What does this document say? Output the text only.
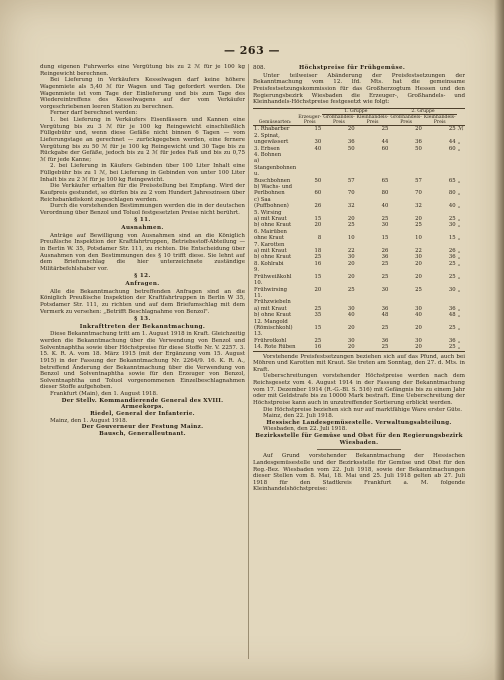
— 263 —

dung eigenen Fuhrwerks eine Vergütung bis zu 2 ℳ für je 100 kg Reingewicht berechnen.

Bei Lieferung in Verkäufers Kesselwagen darf keine höhere Wagenmiete als 5,40 ℳ für Wagen und Tag gefordert werden. Die Wagenmiete ist vom Tage der Einlieferung und bis zum Tage des Wiedereintreffens des Kesselwagens auf der vom Verkäufer vorgeschriebenen leeren Station zu berechnen.

Ferner darf berechnet werden:

1. bei Lieferung in Verkäufers Eisenfässern und Kannen eine Vergütung bis zu 3 ℳ für je 100 kg Reingewicht einschließlich Füllgebühr und, wenn diese Gefäße nicht binnen 6 Tagen — vom Lieferungstage an gerechnet — zurückgegeben werden, eine fernere Vergütung bis zu 50 ℳ für je 100 kg Reingewicht und 30 Tage bis zu Rückgabe der Gefäße, jedoch bis zu 2 ℳ für jedes Faß und bis zu 0,75 ℳ für jede Kanne;

2. bei Lieferung in Käufers Gebinden über 100 Liter Inhalt eine Füllgebühr bis zu 1 ℳ, bei Lieferung in Gebinden von unter 100 Liter Inhalt bis zu 2 ℳ für je 100 kg Reingewicht.

Die Verkäufer erhalten für die Preisstellung bei Empfang. Wird der Kaufpreis gestundet, so dürfen bis zu 2 vom Hundert Jahreszinsen über Reichsbankdiskont zugeschlagen werden.

Durch die vorstehenden Bestimmungen werden die in der deutschen Verordnung über Benzol und Toluol festgesetzten Preise nicht berührt.

§ 11.

Ausnahmen.

Anträge auf Bewilligung von Ausnahmen sind an die Königlich Preußische Inspektion der Kraftfahrtruppen, Betriebsstoff-Abteilung — in Berlin W. 35, Potsdamer Str. 111, zu richten. Die Entscheidung über Ausnahmen von den Bestimmungen des § 10 trifft diese. Sie lehnt auf dem Briefumschlag die hier unterzeichnete zuständige Militärbefehlshaber vor.

§ 12.

Anfragen.

Alle die Bekanntmachung betreffenden Anfragen sind an die Königlich Preußische Inspektion der Kraftfahrtruppen in Berlin W 35, Potsdamer Str. 111, zu richten und auf dem Briefumschlag mit dem Vermerk zu versehen: „Betrifft Beschlagnahme von Benzol".

§ 13.

Inkrafttreten der Bekanntmachung.

Diese Bekanntmachung tritt am 1. August 1918 in Kraft. Gleichzeitig werden die Bekanntmachung über die Verwendung von Benzol und Solventnaphtha sowie über Höchstpreise für diese Stoffe Nr. V. 2257. 3. 15. K. R. A. vom 18. März 1915 (mit der Ergänzung vom 15. August 1915) in der Fassung der Bekanntmachung Nr. 2264/9. 16. K. R. A., betreffend Änderung der Bekanntmachung über die Verwendung von Benzol und Solventnaphtha sowie für den Erzeuger von Benzol, Solventnaphtha und Toluol vorgenommenen Einzelbeschlagnahmen dieser Stoffe aufgehoben.

Frankfurt (Main), den 1. August 1918.

Der Stellv. Kommandierende General des XVIII. Armeekorps.

Riedel, General der Infanterie.

Mainz, den 1. August 1918.

Der Gouverneur der Festung Mainz.

Bausch, Generalleutnant.

808.	Höchstpreise für Frühgemüse.

Unter teilweiser Abänderung der Preisfestsetzungen der Bekanntmachung vom 12. lfd. Mts. hat die gemeinsame Preisfestsetzungskommission für das Großherzogtum Hessen und den Regierungsbezirk Wiesbaden die Erzeuger-, Großhandels- und Kleinhandels-Höchstpreise festgesetzt wie folgt:

Gemüsearten:	Erzeuger-Preis	1. Gruppe		2. Gruppe		
		Großhandels-Preis	Kleinhandels-Preis	Großhandels-Preis	Kleinhandels-Preis	
1. Rhabarber	15	20	25	20	25	ℳ
2. Spinat, ungewässert	30	36	44	36	44	„
3. Erbsen	40	50	60	50	60	„
4. Bohnen						
a) Stangenbohnen u. Buschbohnen	50	57	65	57	65	„
b) Wachs- und Perlbohnen	60	70	80	70	80	„
c) Saa (Puffbohnen)	26	32	40	32	40	„
5. Wirsing						
a) mit Kraut	15	20	25	20	25	„
b) ohne Kraut	20	25	30	25	30	„
6. Mairüben ohne Kraut	8	10	15	10	15	„
7. Karotten						
a) mit Kraut	18	22	26	22	26	„
b) ohne Kraut	25	30	36	30	36	„
8. Kohlrabi	16	20	25	20	25	„
9. Frühweißkohl	15	20	25	20	25	„
10. Frühwirsing	20	25	30	25	30	„
11. Frühzwiebeln						
a) mit Kraut	25	30	36	30	36	„
b) ohne Kraut	35	40	48	40	48	„
12. Mangold (Römischkohl)	15	20	25	20	25	„
13. Frührotkohl	25	30	36	30	36	„
14. Rote Rüben	16	20	25	20	25	„

Vorstehende Preisfestsetzungen beziehen sich auf das Pfund, auch bei Möhren und Karotten mit Kraut. Sie treten am Sonntag, den 27. d. Mts. in Kraft.

Ueberschreitungen vorstehender Höchstpreise werden nach dem Reichsgesetz vom 4. August 1914 in der Fassung der Bekanntmachung vom 17. Dezember 1914 (R.-G.-Bl. S. 516) mit Gefängnis bis zu einem Jahr oder mit Geldstrafe bis zu 10000 Mark bestraft. Eine Ueberschreitung der Höchstpreise kann auch in unzutreffender Sortierung erblickt werden.

Die Höchstpreise beziehen sich nur auf marktfähige Ware erster Güte.

Mainz, den 22. Juli 1918.

Hessische Landesgemüsestelle. Verwaltungsabteilung.

Wiesbaden, den 22. Juli 1918.

Bezirksstelle für Gemüse und Obst für den Regierungsbezirk Wiesbaden.

Auf Grund vorstehender Bekanntmachung der Hessischen Landesgemüsestelle und der Bezirksstelle für Gemüse und Obst für den Reg.-Bez. Wiesbaden vom 22. Juli 1918, sowie der Bekanntmachungen dieser Stellen vom 8. Mai, 18. Mai und 25. Juli 1918 gelten ab 27. Juli 1918 für den Stadtkreis Frankfurt a. M. folgende Kleinhandelshöchstpreise:
